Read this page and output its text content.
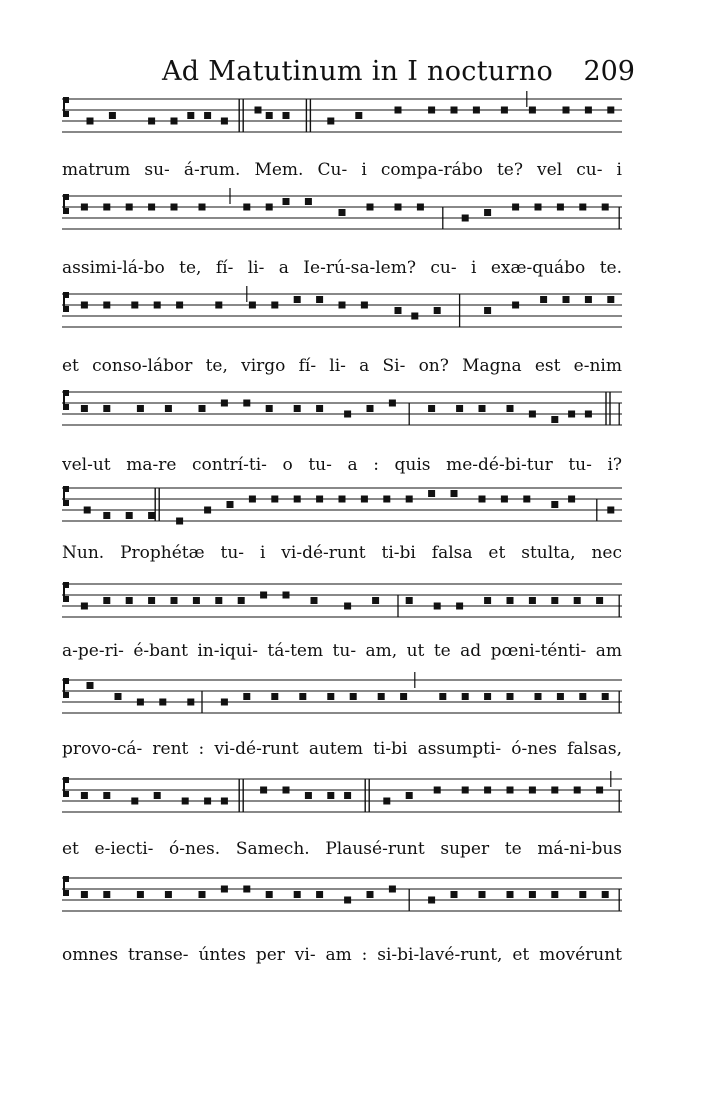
Ad Matutinum in I nocturno 209
matrum su- á-rum. Mem. Cu- i compa-rábo te? vel cu- i
assimi-lá-bo te, fí- li- a Ie-rú-sa-lem? cu- i exæ-quábo te.
et conso-lábor te, virgo fí- li- a Si- on? Magna est e-nim
vel-ut ma-re contrí-ti- o tu- a : quis me-dé-bi-tur tu- i?
Nun. Prophétæ tu- i vi-dé-runt ti-bi falsa et stulta, nec
a-pe-ri- é-bant in-iqui- tá-tem tu- am, ut te ad pœni-ténti- am
provo-cá- rent : vi-dé-runt autem ti-bi assumpti- ó-nes falsas,
et e-iecti- ó-nes. Samech. Plausé-runt super te má-ni-bus
omnes transe- úntes per vi- am : si-bi-lavé-runt, et movérunt
